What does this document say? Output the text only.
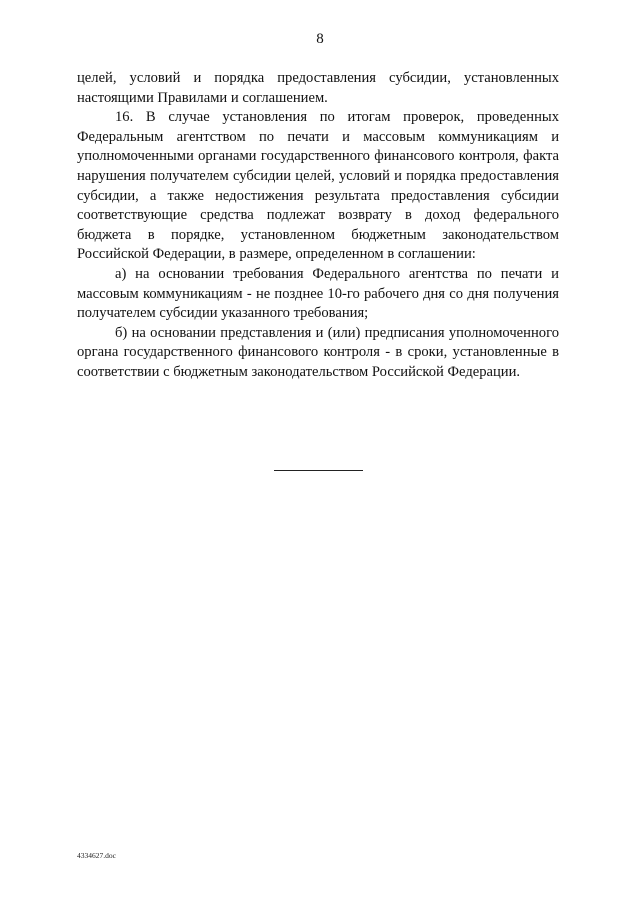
8

целей, условий и порядка предоставления субсидии, установленных настоящими Правилами и соглашением.

16. В случае установления по итогам проверок, проведенных Федеральным агентством по печати и массовым коммуникациям и уполномоченными органами государственного финансового контроля, факта нарушения получателем субсидии целей, условий и порядка предоставления субсидии, а также недостижения результата предоставления субсидии соответствующие средства подлежат возврату в доход федерального бюджета в порядке, установленном бюджетным законодательством Российской Федерации, в размере, определенном в соглашении:

а) на основании требования Федерального агентства по печати и массовым коммуникациям - не позднее 10-го рабочего дня со дня получения получателем субсидии указанного требования;

б) на основании представления и (или) предписания уполномоченного органа государственного финансового контроля - в сроки, установленные в соответствии с бюджетным законодательством Российской Федерации.

4334627.doc
